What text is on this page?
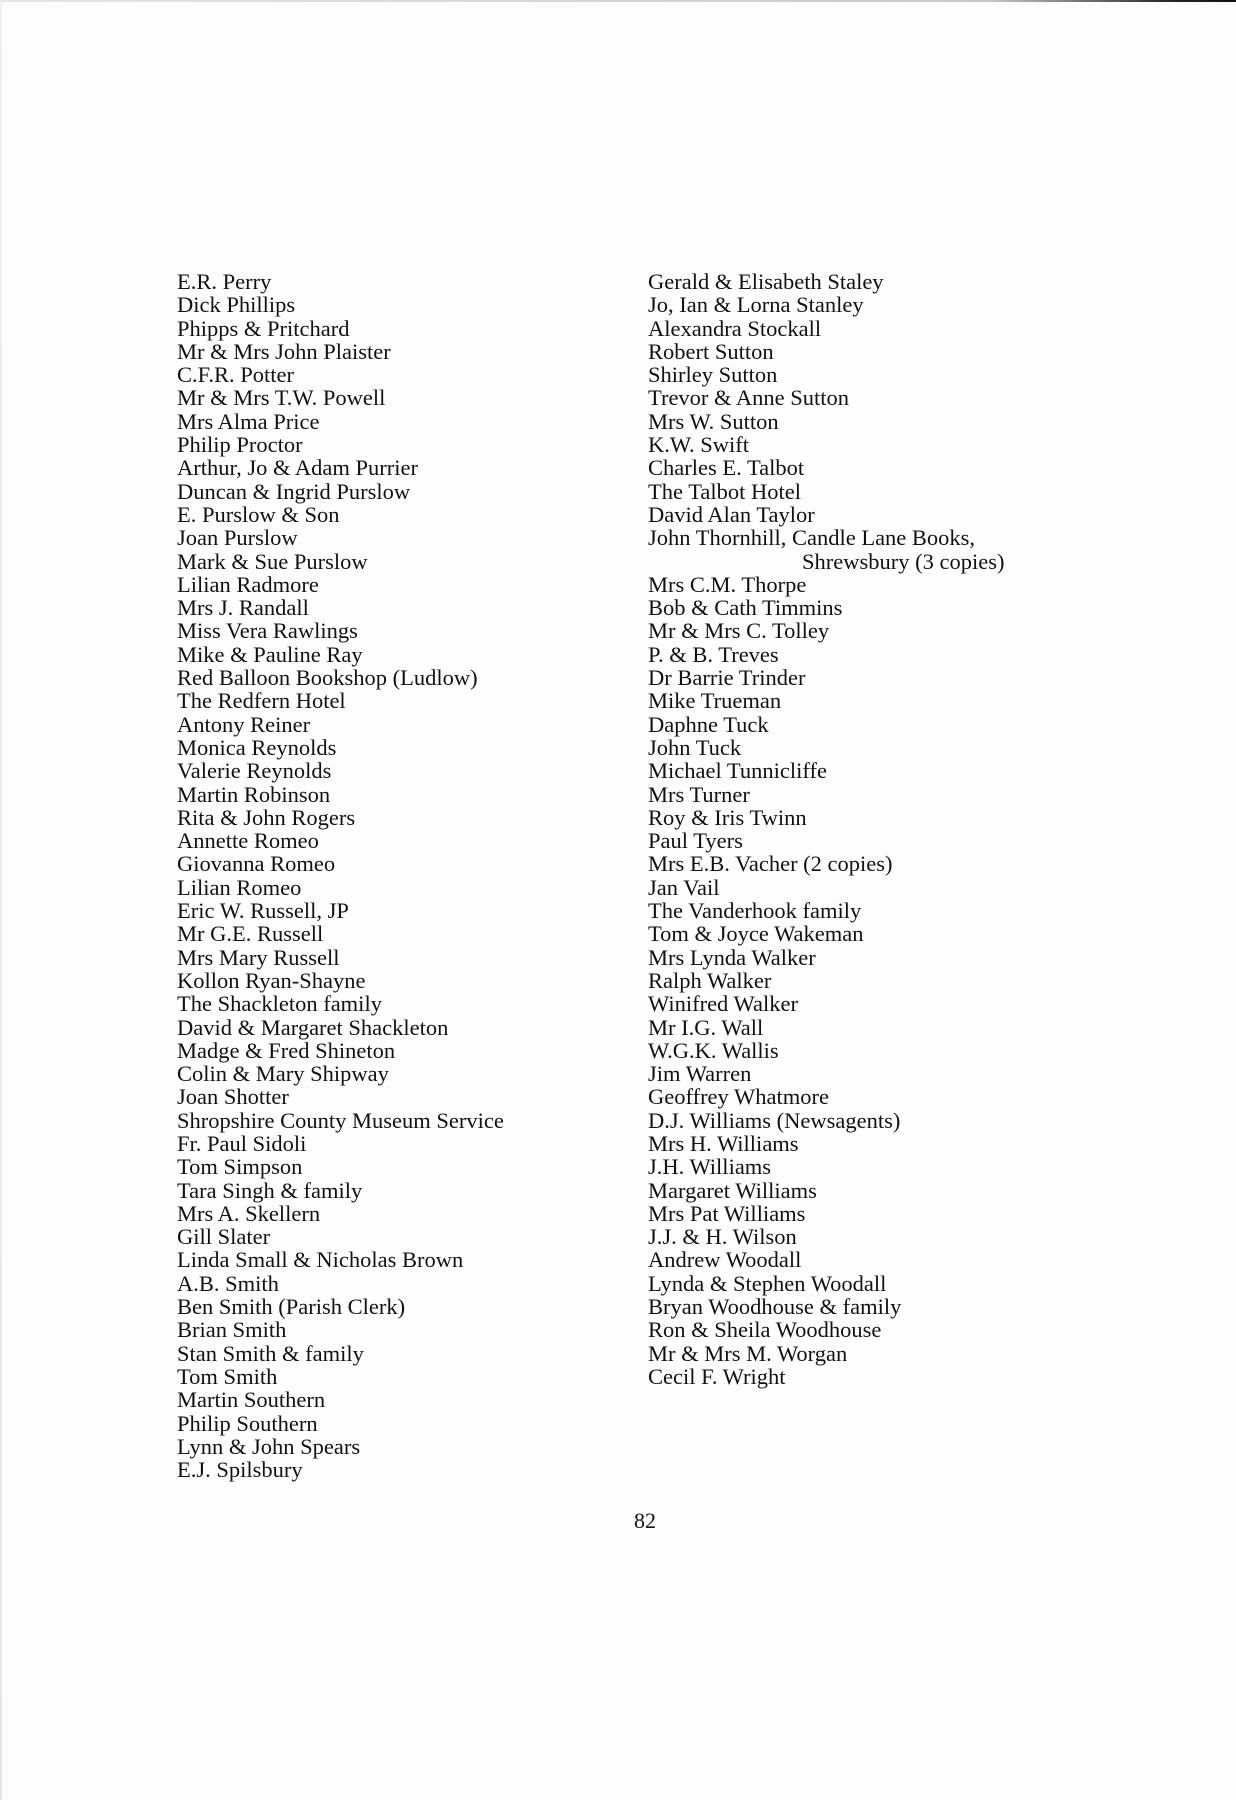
E.R. Perry
Dick Phillips
Phipps & Pritchard
Mr & Mrs John Plaister
C.F.R. Potter
Mr & Mrs T.W. Powell
Mrs Alma Price
Philip Proctor
Arthur, Jo & Adam Purrier
Duncan & Ingrid Purslow
E. Purslow & Son
Joan Purslow
Mark & Sue Purslow
Lilian Radmore
Mrs J. Randall
Miss Vera Rawlings
Mike & Pauline Ray
Red Balloon Bookshop (Ludlow)
The Redfern Hotel
Antony Reiner
Monica Reynolds
Valerie Reynolds
Martin Robinson
Rita & John Rogers
Annette Romeo
Giovanna Romeo
Lilian Romeo
Eric W. Russell, JP
Mr G.E. Russell
Mrs Mary Russell
Kollon Ryan-Shayne
The Shackleton family
David & Margaret Shackleton
Madge & Fred Shineton
Colin & Mary Shipway
Joan Shotter
Shropshire County Museum Service
Fr. Paul Sidoli
Tom Simpson
Tara Singh & family
Mrs A. Skellern
Gill Slater
Linda Small & Nicholas Brown
A.B. Smith
Ben Smith (Parish Clerk)
Brian Smith
Stan Smith & family
Tom Smith
Martin Southern
Philip Southern
Lynn & John Spears
E.J. Spilsbury
Gerald & Elisabeth Staley
Jo, Ian & Lorna Stanley
Alexandra Stockall
Robert Sutton
Shirley Sutton
Trevor & Anne Sutton
Mrs W. Sutton
K.W. Swift
Charles E. Talbot
The Talbot Hotel
David Alan Taylor
John Thornhill, Candle Lane Books,
Shrewsbury (3 copies)
Mrs C.M. Thorpe
Bob & Cath Timmins
Mr & Mrs C. Tolley
P. & B. Treves
Dr Barrie Trinder
Mike Trueman
Daphne Tuck
John Tuck
Michael Tunnicliffe
Mrs Turner
Roy & Iris Twinn
Paul Tyers
Mrs E.B. Vacher (2 copies)
Jan Vail
The Vanderhook family
Tom & Joyce Wakeman
Mrs Lynda Walker
Ralph Walker
Winifred Walker
Mr I.G. Wall
W.G.K. Wallis
Jim Warren
Geoffrey Whatmore
D.J. Williams (Newsagents)
Mrs H. Williams
J.H. Williams
Margaret Williams
Mrs Pat Williams
J.J. & H. Wilson
Andrew Woodall
Lynda & Stephen Woodall
Bryan Woodhouse & family
Ron & Sheila Woodhouse
Mr & Mrs M. Worgan
Cecil F. Wright
82
